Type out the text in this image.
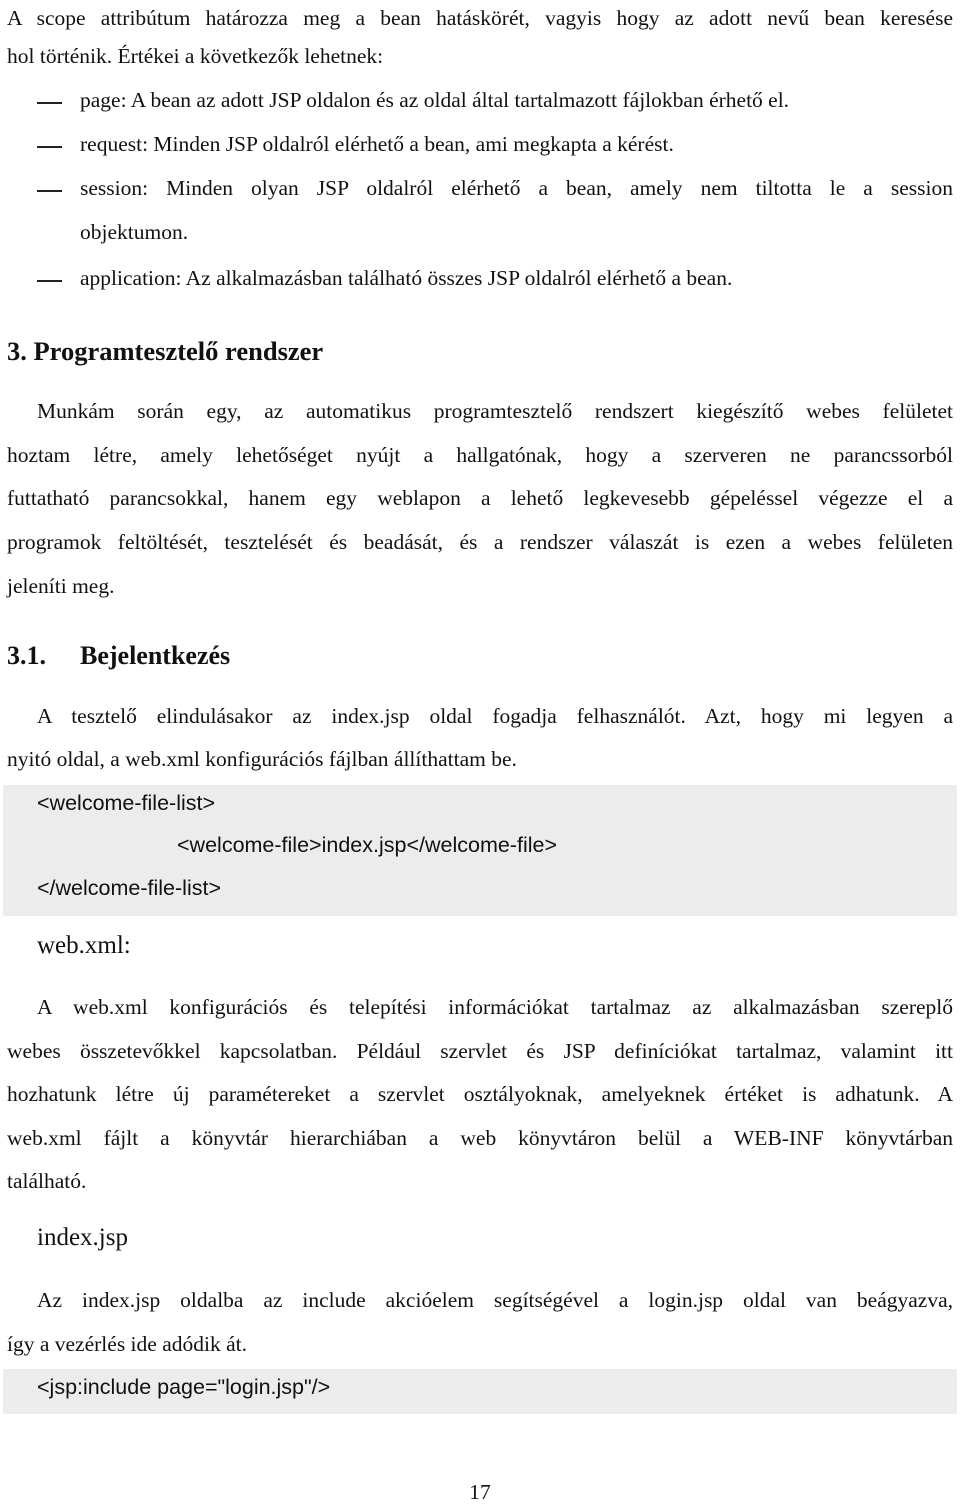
A scope attribútum határozza meg a bean hatáskörét, vagyis hogy az adott nevű bean keresése
hol történik. Értékei a következők lehetnek:
page: A bean az adott JSP oldalon és az oldal által tartalmazott fájlokban érhető el.
request: Minden JSP oldalról elérhető a bean, ami megkapta a kérést.
session: Minden olyan JSP oldalról elérhető a bean, amely nem tiltotta le a session
objektumon.
application: Az alkalmazásban található összes JSP oldalról elérhető a bean.
3. Programtesztelő rendszer
Munkám során egy, az automatikus programtesztelő rendszert kiegészítő webes felületet
hoztam létre, amely lehetőséget nyújt a hallgatónak, hogy a szerveren ne parancssorból
futtatható parancsokkal, hanem egy weblapon a lehető legkevesebb gépeléssel végezze el a
programok feltöltését, tesztelését és beadását, és a rendszer válaszát is ezen a webes felületen
jeleníti meg.
3.1. Bejelentkezés
A tesztelő elindulásakor az index.jsp oldal fogadja felhasználót. Azt, hogy mi legyen a
nyitó oldal, a web.xml konfigurációs fájlban állíthattam be.
<welcome-file-list>
<welcome-file>index.jsp</welcome-file>
</welcome-file-list>
web.xml:
A web.xml konfigurációs és telepítési információkat tartalmaz az alkalmazásban szereplő
webes összetevőkkel kapcsolatban. Például szervlet és JSP definíciókat tartalmaz, valamint itt
hozhatunk létre új paramétereket a szervlet osztályoknak, amelyeknek értéket is adhatunk. A
web.xml fájlt a könyvtár hierarchiában a web könyvtáron belül a WEB-INF könyvtárban
található.
index.jsp
Az index.jsp oldalba az include akcióelem segítségével a login.jsp oldal van beágyazva,
így a vezérlés ide adódik át.
<jsp:include page="login.jsp"/>
17
